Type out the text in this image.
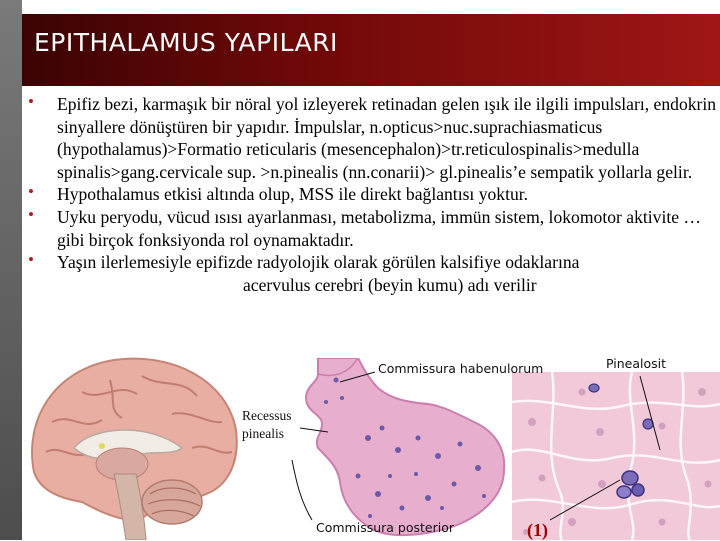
EPITHALAMUS YAPILARI
• Epifiz bezi, karmaşık bir nöral yol izleyerek retinadan gelen ışık ile ilgili impulsları, endokrin sinyallere dönüştüren bir yapıdır. İmpulslar, n.opticus>nuc.suprachiasmaticus (hypothalamus)>Formatio reticularis (mesencephalon)>tr.reticulospinalis>medulla spinalis>gang.cervicale sup. >n.pinealis (nn.conarii)> gl.pinealis’e sempatik yollarla gelir.
• Hypothalamus etkisi altında olup, MSS ile direkt bağlantısı yoktur.
• Uyku peryodu, vücud ısısı ayarlanması, metabolizma, immün sistem, lokomotor aktivite … gibi birçok fonksiyonda rol oynamaktadır.
• Yaşın ilerlemesiyle epifizde radyolojik olarak görülen kalsifiye odaklarına
acervulus cerebri (beyin kumu) adı verilir
Commissura habenulorum	Pinealosit
Recessus
pinealis
Commissura posterior	(1)
